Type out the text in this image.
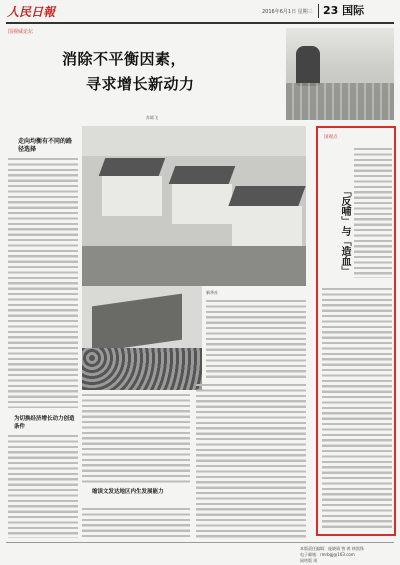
人民日報	2016年6月1日 星期三 23 国际
国视威论坛
消除不平衡因素，
寻求增长新动力
苏嫦飞
走向均衡有不同的路径选择
为切换经济增长动力创造条件
新华社
缩读文发达地区内生发展能力
国观点
「反哺」与「造血」
本版责任编辑：庞晓靖 曾 鸿 林凯锋
电子邮箱：rmrbgj@163.com
网络版 周
